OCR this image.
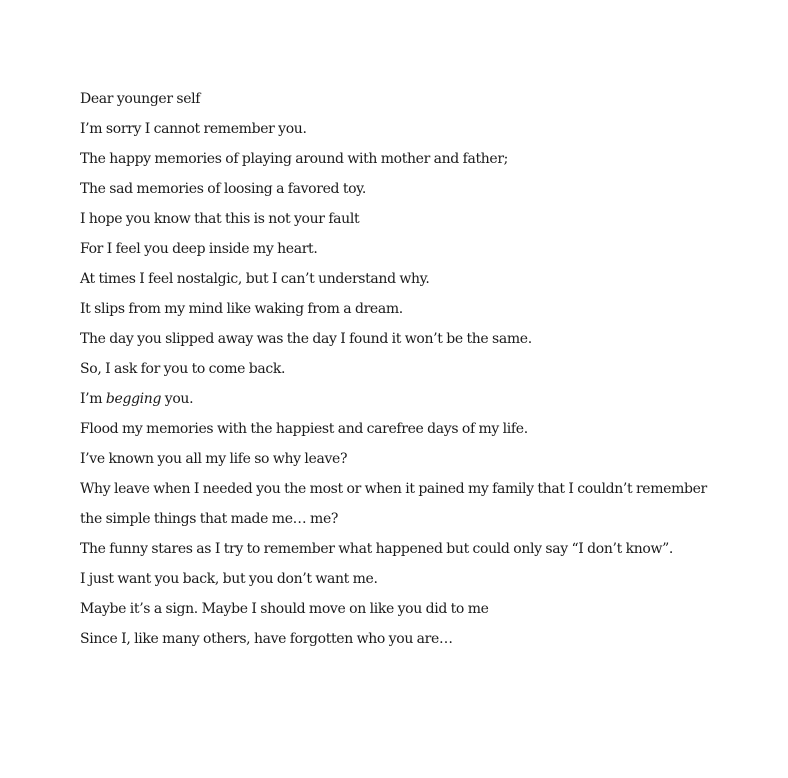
Dear younger self
I’m sorry I cannot remember you.
The happy memories of playing around with mother and father;
The sad memories of loosing a favored toy.
I hope you know that this is not your fault
For I feel you deep inside my heart.
At times I feel nostalgic, but I can’t understand why.
It slips from my mind like waking from a dream.
The day you slipped away was the day I found it won’t be the same.
So, I ask for you to come back.
I’m begging you.
Flood my memories with the happiest and carefree days of my life.
I’ve known you all my life so why leave?
Why leave when I needed you the most or when it pained my family that I couldn’t remember the simple things that made me… me?
The funny stares as I try to remember what happened but could only say “I don’t know”.
I just want you back, but you don’t want me.
Maybe it’s a sign. Maybe I should move on like you did to me
Since I, like many others, have forgotten who you are…
